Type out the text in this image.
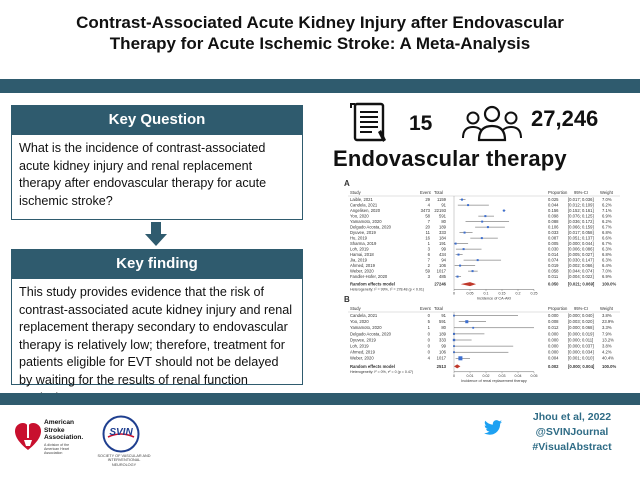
Contrast-Associated Acute Kidney Injury after Endovascular
Therapy for Acute Ischemic Stroke: A Meta-Analysis
Key Question
What is the incidence of contrast-associated acute kidney injury and renal replacement therapy after endovascular therapy for acute ischemic stroke?
Key finding
This study provides evidence that the risk of contrast-associated acute kidney injury and renal replacement therapy secondary to endovascular therapy is relatively low; therefore, treatment for patients eligible for EVT should not be delayed by waiting for the results of renal function
15	27,246
Endovascular therapy
A
Study	Event Total	Proportion 95%-CI	Weight
Laible, 2021	29 1159	0.025 [0.017; 0.036] 7.0%
Candela, 2021	4	91	0.044 [0.012; 0.109] 6.2%
Angelisen, 2020	3473 22193	0.156 [0.152; 0.161] 7.1%
Yoo, 2020	58 591	0.098 [0.076; 0.125] 6.9%
Yamamoto, 2020	7	80	0.088 [0.036; 0.172] 6.2%
Delgado Acosta, 2020	20 189	0.106 [0.066; 0.159] 6.7%
Dyuvee, 2019	11 333	0.033 [0.017; 0.058] 6.8%
Hu, 2019	16 184	0.087 [0.051; 0.137] 6.6%
Sharma, 2019	1 191	0.005 [0.000; 0.044] 6.7%
Loh, 2019	3	99	0.030 [0.006; 0.086] 6.3%
Hamai, 2018	6 434	0.014 [0.005; 0.027] 6.8%
Jia, 2019	7	94	0.074 [0.030; 0.147] 6.3%
Ahmed, 2019	2 106	0.019 [0.002; 0.066] 6.4%
Weber, 2020	59 1017	0.058 [0.044; 0.074] 7.0%
Fandler-Hofer, 2020	3 485	0.011 [0.004; 0.022] 6.9%
Random effects model	27246	0.050 [0.021; 0.069] 100.0%
Heterogeneity: I² = 99%, τ² = 278.48 (p < 0.01)
0	0.05	0.1	0.15	0.2	0.25
Incidence of CA-AKI
B
Study	Event Total	Proportion 95%-CI	Weight
Candela, 2021	0	91	0.000 [0.000; 0.040] 3.8%
Yoo, 2020	5 591	0.008 [0.003; 0.020] 23.9%
Yamamoto, 2020	1	80	0.012 [0.000; 0.068] 3.3%
Delgado Acosta, 2020	0 189	0.000 [0.000; 0.019] 7.9%
Dyuvee, 2019	0 333	0.000 [0.000; 0.011] 13.2%
Loh, 2019	0	99	0.000 [0.000; 0.037] 3.8%
Ahmed, 2019	0 106	0.000 [0.000; 0.034] 4.2%
Weber, 2020	4 1017	0.004 [0.001; 0.010] 40.4%
Random effects model	2513	0.002 [0.000; 0.004] 100.0%
Heterogeneity: I² = 0%, τ² = 0 (p = 0.47)
0	0.01	0.02	0.03	0.04	0.05
Incidence of renal replacement therapy
American
Stroke
Association.
A division of the American Heart Association
SVIN
SOCIETY OF VASCULAR AND INTERVENTIONAL NEUROLOGY
Jhou et al, 2022
@SVINJournal
#VisualAbstract
